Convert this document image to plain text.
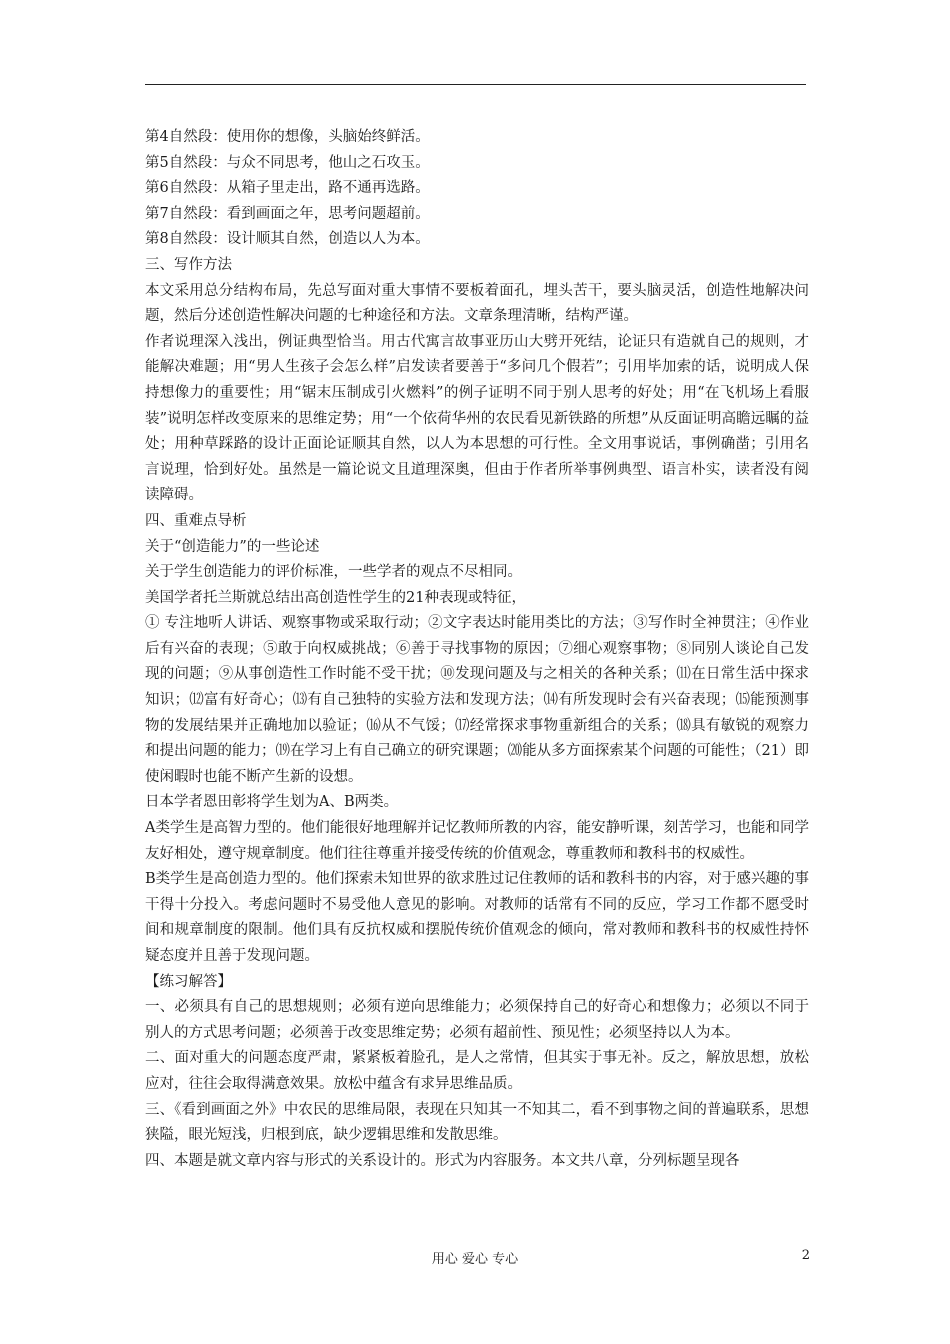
第4自然段：使用你的想像，头脑始终鲜活。

第5自然段：与众不同思考，他山之石攻玉。

第6自然段：从箱子里走出，路不通再选路。

第7自然段：看到画面之年，思考问题超前。

第8自然段：设计顺其自然，创造以人为本。

三、写作方法

本文采用总分结构布局，先总写面对重大事情不要板着面孔，埋头苦干，要头脑灵活，创造性地解决问题，然后分述创造性解决问题的七种途径和方法。文章条理清晰，结构严谨。

作者说理深入浅出，例证典型恰当。用古代寓言故事亚历山大劈开死结，论证只有造就自己的规则，才能解决难题；用“男人生孩子会怎么样”启发读者要善于“多问几个假若”；引用毕加索的话，说明成人保持想像力的重要性；用“锯末压制成引火燃料”的例子证明不同于别人思考的好处；用“在飞机场上看服装”说明怎样改变原来的思维定势；用“一个依荷华州的农民看见新铁路的所想”从反面证明高瞻远瞩的益处；用种草踩路的设计正面论证顺其自然，以人为本思想的可行性。全文用事说话，事例确凿；引用名言说理，恰到好处。虽然是一篇论说文且道理深奥，但由于作者所举事例典型、语言朴实，读者没有阅读障碍。

四、重难点导析

关于“创造能力”的一些论述

关于学生创造能力的评价标准，一些学者的观点不尽相同。

美国学者托兰斯就总结出高创造性学生的21种表现或特征，

① 专注地听人讲话、观察事物或采取行动；②文字表达时能用类比的方法；③写作时全神贯注；④作业后有兴奋的表现；⑤敢于向权威挑战；⑥善于寻找事物的原因；⑦细心观察事物；⑧同别人谈论自己发现的问题；⑨从事创造性工作时能不受干扰；⑩发现问题及与之相关的各种关系；⑾在日常生活中探求知识；⑿富有好奇心；⒀有自己独特的实验方法和发现方法；⒁有所发现时会有兴奋表现；⒂能预测事物的发展结果并正确地加以验证；⒃从不气馁；⒄经常探求事物重新组合的关系；⒅具有敏锐的观察力和提出问题的能力；⒆在学习上有自己确立的研究课题；⒇能从多方面探索某个问题的可能性；（21）即使闲暇时也能不断产生新的设想。

日本学者恩田彰将学生划为A、B两类。

A类学生是高智力型的。他们能很好地理解并记忆教师所教的内容，能安静听课，刻苦学习，也能和同学友好相处，遵守规章制度。他们往往尊重并接受传统的价值观念，尊重教师和教科书的权威性。

B类学生是高创造力型的。他们探索未知世界的欲求胜过记住教师的话和教科书的内容，对于感兴趣的事干得十分投入。考虑问题时不易受他人意见的影响。对教师的话常有不同的反应，学习工作都不愿受时间和规章制度的限制。他们具有反抗权威和摆脱传统价值观念的倾向，常对教师和教科书的权威性持怀疑态度并且善于发现问题。

【练习解答】

一、必须具有自己的思想规则；必须有逆向思维能力；必须保持自己的好奇心和想像力；必须以不同于别人的方式思考问题；必须善于改变思维定势；必须有超前性、预见性；必须坚持以人为本。

二、面对重大的问题态度严肃，紧紧板着脸孔，是人之常情，但其实于事无补。反之，解放思想，放松应对，往往会取得满意效果。放松中蕴含有求异思维品质。

三、《看到画面之外》中农民的思维局限，表现在只知其一不知其二，看不到事物之间的普遍联系，思想狭隘，眼光短浅，归根到底，缺少逻辑思维和发散思维。

四、本题是就文章内容与形式的关系设计的。形式为内容服务。本文共八章，分列标题呈现各

用心 爱心 专心	2
